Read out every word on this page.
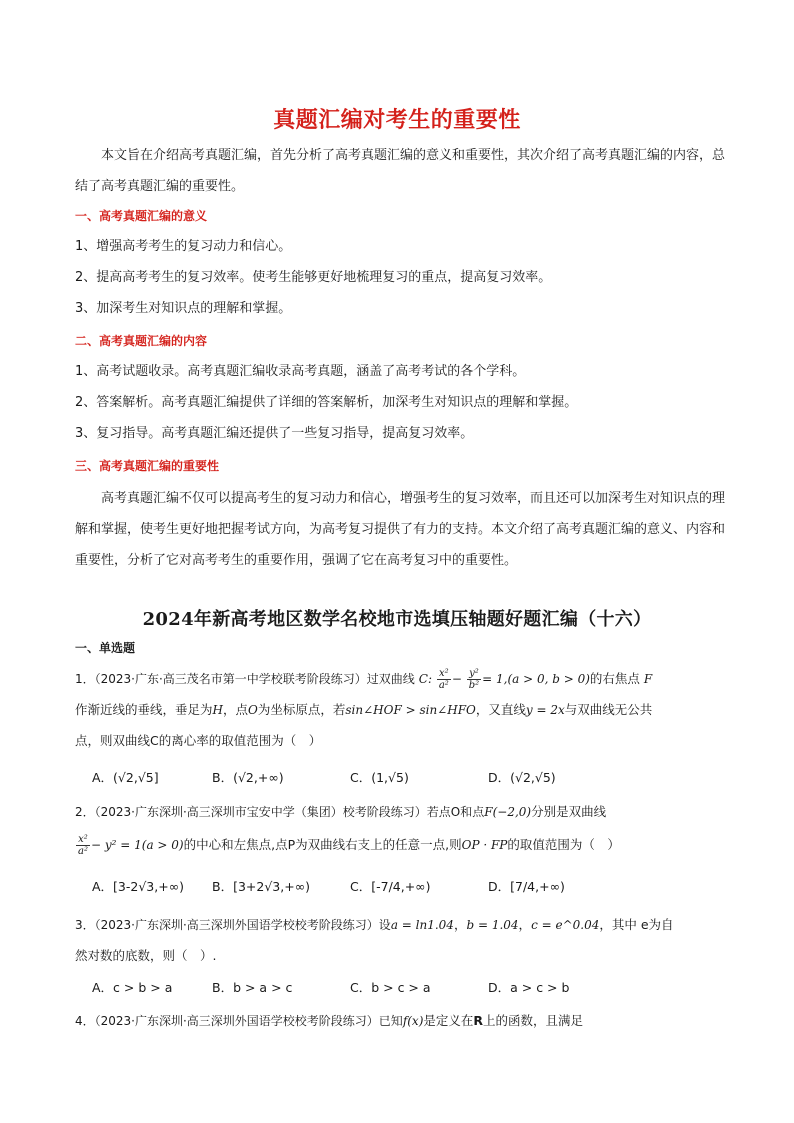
真题汇编对考生的重要性
本文旨在介绍高考真题汇编，首先分析了高考真题汇编的意义和重要性，其次介绍了高考真题汇编的内容，总结了高考真题汇编的重要性。
一、高考真题汇编的意义
1、增强高考考生的复习动力和信心。
2、提高高考考生的复习效率。使考生能够更好地梳理复习的重点，提高复习效率。
3、加深考生对知识点的理解和掌握。
二、高考真题汇编的内容
1、高考试题收录。高考真题汇编收录高考真题，涵盖了高考考试的各个学科。
2、答案解析。高考真题汇编提供了详细的答案解析，加深考生对知识点的理解和掌握。
3、复习指导。高考真题汇编还提供了一些复习指导，提高复习效率。
三、高考真题汇编的重要性
高考真题汇编不仅可以提高考生的复习动力和信心，增强考生的复习效率，而且还可以加深考生对知识点的理解和掌握，使考生更好地把握考试方向，为高考复习提供了有力的支持。本文介绍了高考真题汇编的意义、内容和重要性，分析了它对高考考生的重要作用，强调了它在高考复习中的重要性。
2024年新高考地区数学名校地市选填压轴题好题汇编（十六）
一、单选题
1．（2023·广东·高三茂名市第一中学校联考阶段练习）过双曲线 C: $\frac{\text{x²}}{\text{a²}} - \frac{\text{y²}}{\text{b²}} = 1,(a > 0$, b > 0)的右焦点 F
作渐近线的垂线，垂足为H，点O为坐标原点，若sin∠HOF > sin∠HFO，又直线y = 2x与双曲线无公共
点，则双曲线C的离心率的取值范围为（　）
A．(√2,√5]	B．(√2,+∞)	C．(1,√5)	D．(√2,√5)
2．（2023·广东深圳·高三深圳市宝安中学（集团）校考阶段练习）若点O和点F(−2,0)分别是双曲线
$\frac{\text{x²}}{\text{a²}} - y^2 = 1(a > 0)$的中心和左焦点,点P为双曲线右支上的任意一点,则OP · FP的取值范围为（　）
A．[3-2√3,+∞) B．[3+2√3,+∞)	C．[-7/4,+∞)	D．[7/4,+∞)
3．（2023·广东深圳·高三深圳外国语学校校考阶段练习）设a = ln1.04，b = 1.04，c = e^0.04，其中 e为自
然对数的底数，则（　）.
A．c > b > a	B．b > a > c	C．b > c > a	D．a > c > b
4．（2023·广东深圳·高三深圳外国语学校校考阶段练习）已知f(x)是定义在R上的函数，且满足
